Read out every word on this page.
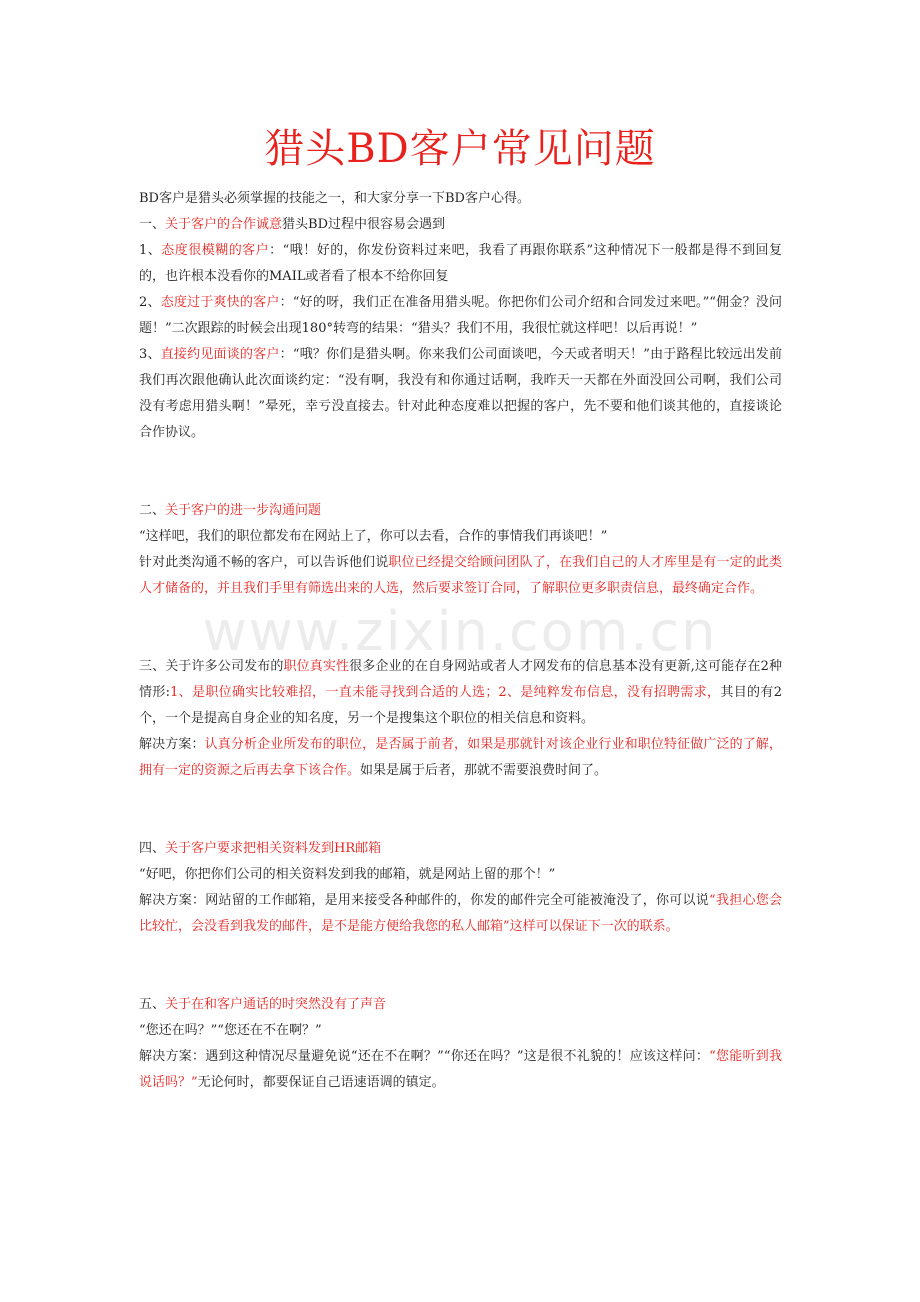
猎头BD客户常见问题
www.zixin.com.cn

BD客户是猎头必须掌握的技能之一，和大家分享一下BD客户心得。

一、关于客户的合作诚意猎头BD过程中很容易会遇到

1、态度很模糊的客户：“哦！好的，你发份资料过来吧，我看了再跟你联系”这种情况下一般都是得不到回复的，也许根本没看你的MAIL或者看了根本不给你回复

2、态度过于爽快的客户：“好的呀，我们正在准备用猎头呢。你把你们公司介绍和合同发过来吧。”“佣金？没问题！”二次跟踪的时候会出现180°转弯的结果：“猎头？我们不用，我很忙就这样吧！以后再说！”

3、直接约见面谈的客户：“哦？你们是猎头啊。你来我们公司面谈吧，今天或者明天！”由于路程比较远出发前我们再次跟他确认此次面谈约定：“没有啊，我没有和你通过话啊，我昨天一天都在外面没回公司啊，我们公司没有考虑用猎头啊！”晕死，幸亏没直接去。针对此种态度难以把握的客户，先不要和他们谈其他的，直接谈论合作协议。

二、关于客户的进一步沟通问题

“这样吧，我们的职位都发布在网站上了，你可以去看，合作的事情我们再谈吧！”

针对此类沟通不畅的客户，可以告诉他们说职位已经提交给顾问团队了，在我们自己的人才库里是有一定的此类人才储备的，并且我们手里有筛选出来的人选，然后要求签订合同，了解职位更多职责信息，最终确定合作。

三、关于许多公司发布的职位真实性很多企业的在自身网站或者人才网发布的信息基本没有更新,这可能存在2种情形:1、是职位确实比较难招，一直未能寻找到合适的人选；2、是纯粹发布信息，没有招聘需求，其目的有2个，一个是提高自身企业的知名度，另一个是搜集这个职位的相关信息和资料。

解决方案：认真分析企业所发布的职位，是否属于前者，如果是那就针对该企业行业和职位特征做广泛的了解，拥有一定的资源之后再去拿下该合作。如果是属于后者，那就不需要浪费时间了。

四、关于客户要求把相关资料发到HR邮箱

“好吧，你把你们公司的相关资料发到我的邮箱，就是网站上留的那个！”

解决方案：网站留的工作邮箱，是用来接受各种邮件的，你发的邮件完全可能被淹没了，你可以说“我担心您会比较忙，会没看到我发的邮件，是不是能方便给我您的私人邮箱”这样可以保证下一次的联系。

五、关于在和客户通话的时突然没有了声音

“您还在吗？”“您还在不在啊？”

解决方案：遇到这种情况尽量避免说“还在不在啊？”“你还在吗？”这是很不礼貌的！应该这样问：“您能听到我说话吗？”无论何时，都要保证自己语速语调的镇定。
